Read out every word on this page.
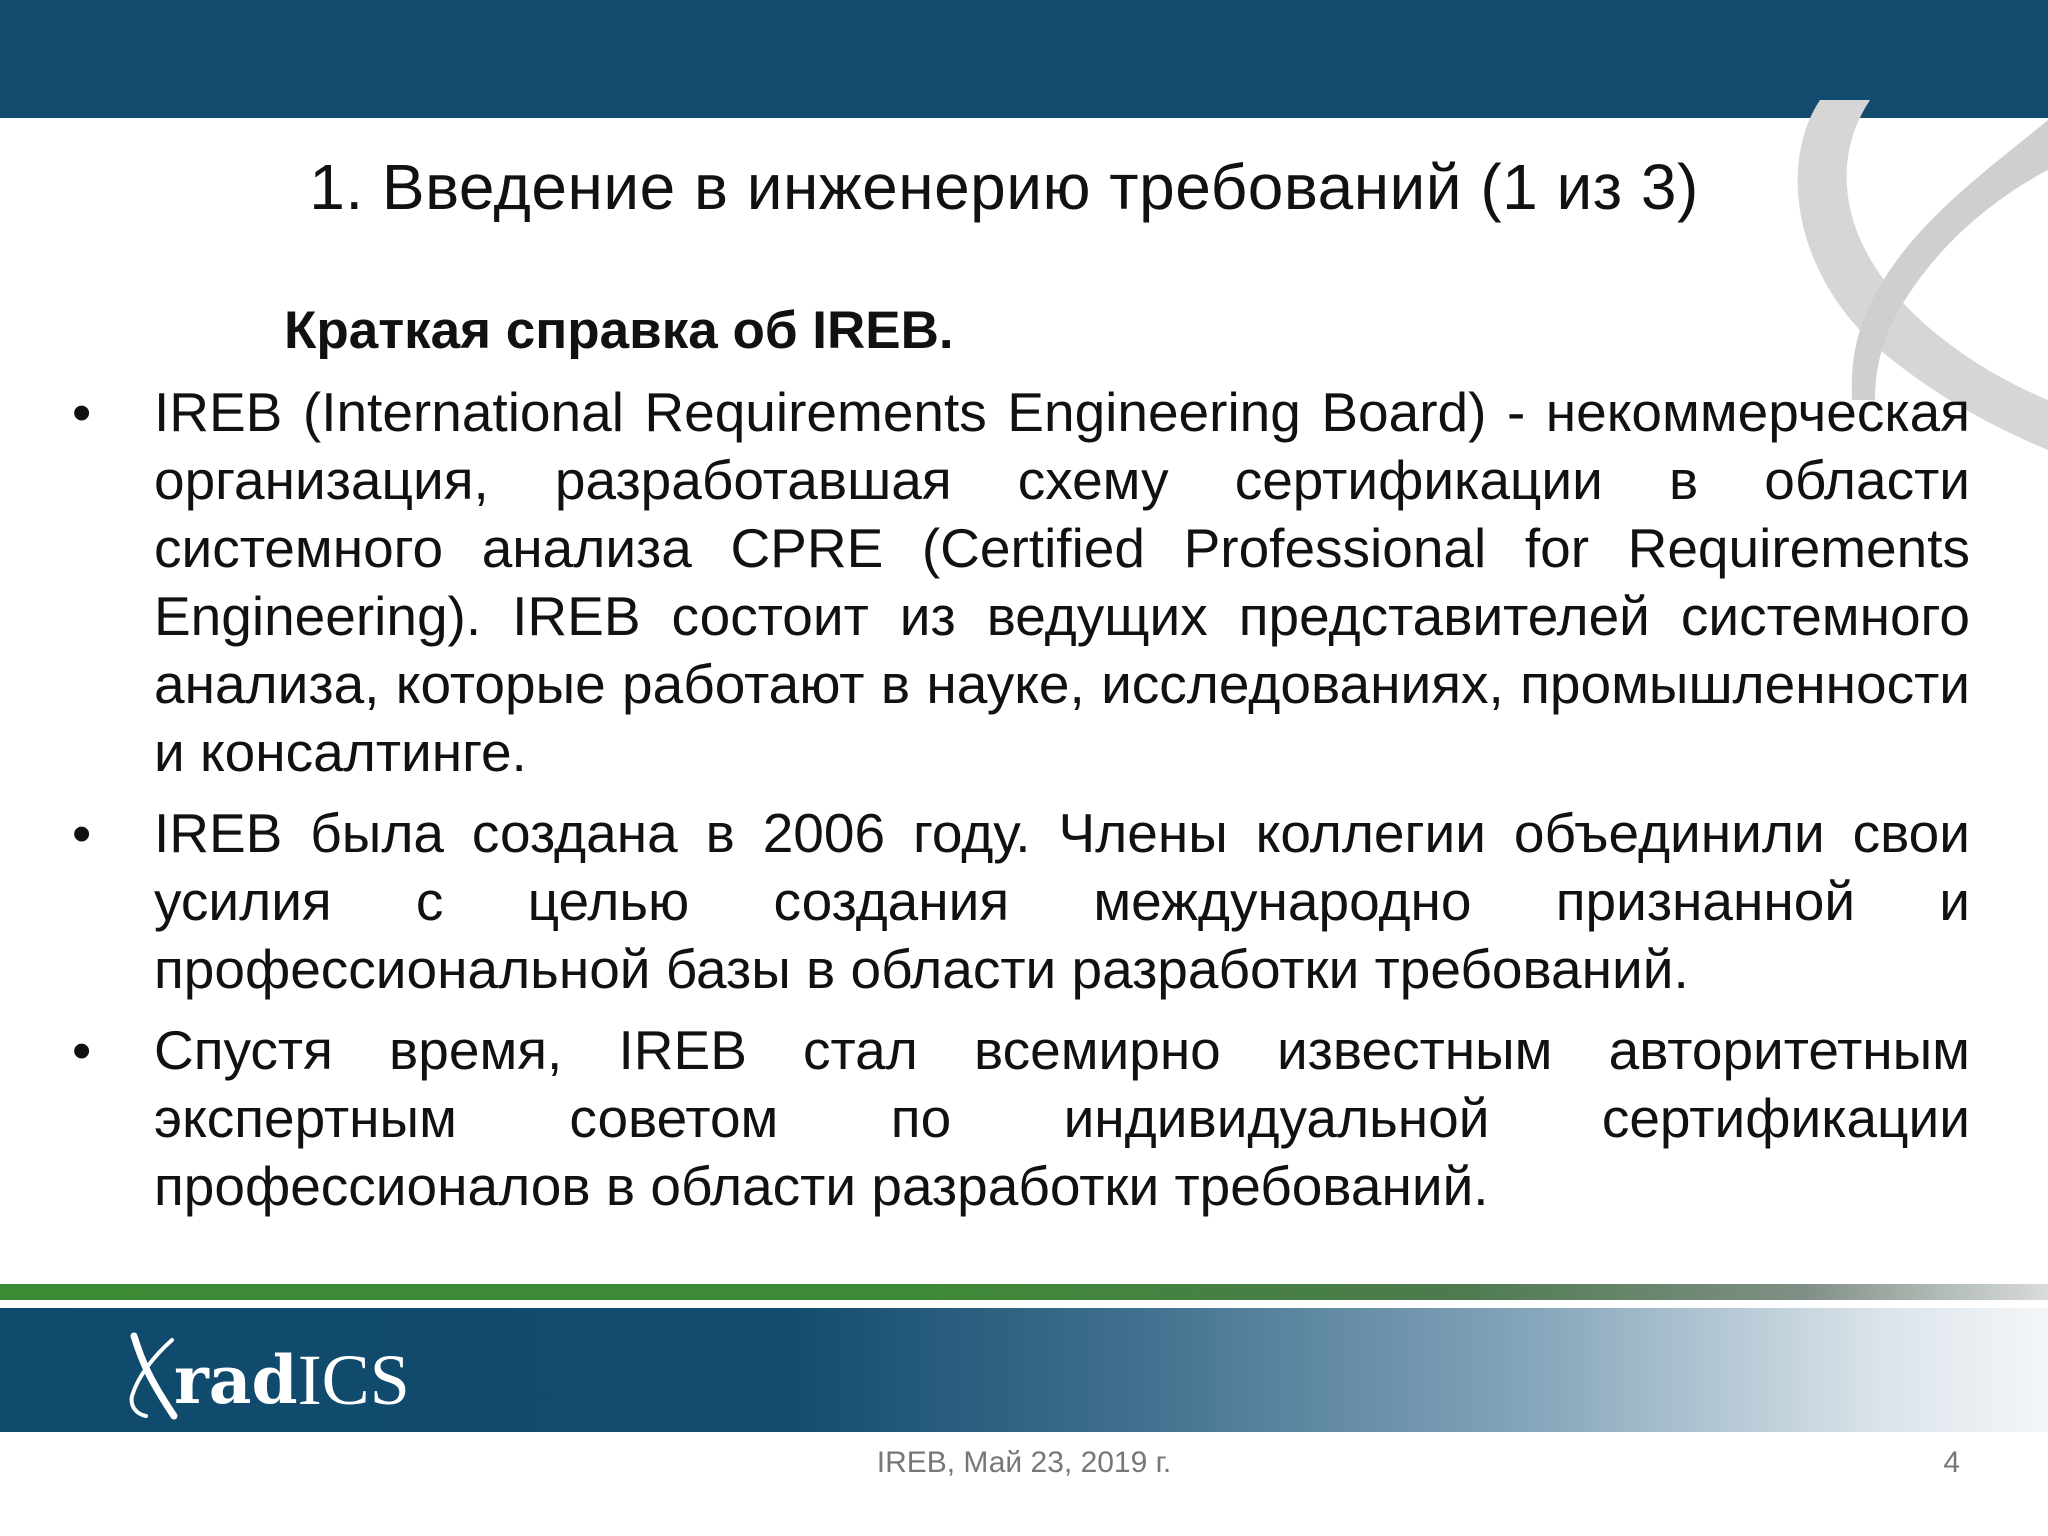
1. Введение в инженерию требований (1 из 3)
Краткая справка об IREB.
•	IREB (International Requirements Engineering Board) - некоммерческая организация, разработавшая схему сертификации в области системного анализа CPRE (Certified Professional for Requirements Engineering). IREB состоит из ведущих представителей системного анализа, которые работают в науке, исследованиях, промышленности и консалтинге.
•	IREB была создана в 2006 году. Члены коллегии объединили свои усилия с целью создания международно признанной и профессиональной базы в области разработки требований.
•	Спустя время, IREB стал всемирно известным авторитетным экспертным советом по индивидуальной сертификации профессионалов в области разработки требований.
rad ICS
IREB, Май 23, 2019 г.	4
